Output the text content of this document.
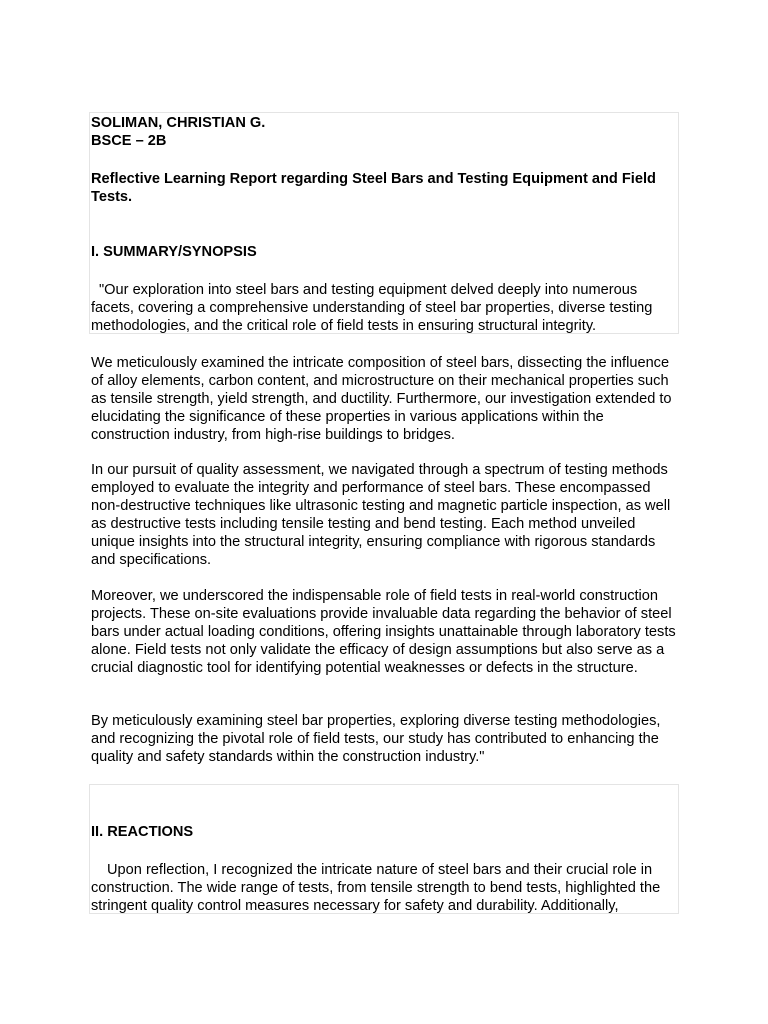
SOLIMAN, CHRISTIAN G.

BSCE – 2B

Reflective Learning Report regarding Steel Bars and Testing Equipment and Field Tests.

I. SUMMARY/SYNOPSIS

"Our exploration into steel bars and testing equipment delved deeply into numerous facets, covering a comprehensive understanding of steel bar properties, diverse testing methodologies, and the critical role of field tests in ensuring structural integrity.

We meticulously examined the intricate composition of steel bars, dissecting the influence of alloy elements, carbon content, and microstructure on their mechanical properties such as tensile strength, yield strength, and ductility. Furthermore, our investigation extended to elucidating the significance of these properties in various applications within the construction industry, from high-rise buildings to bridges.

In our pursuit of quality assessment, we navigated through a spectrum of testing methods employed to evaluate the integrity and performance of steel bars. These encompassed non-destructive techniques like ultrasonic testing and magnetic particle inspection, as well as destructive tests including tensile testing and bend testing. Each method unveiled unique insights into the structural integrity, ensuring compliance with rigorous standards and specifications.

Moreover, we underscored the indispensable role of field tests in real-world construction projects. These on-site evaluations provide invaluable data regarding the behavior of steel bars under actual loading conditions, offering insights unattainable through laboratory tests alone. Field tests not only validate the efficacy of design assumptions but also serve as a crucial diagnostic tool for identifying potential weaknesses or defects in the structure.

By meticulously examining steel bar properties, exploring diverse testing methodologies, and recognizing the pivotal role of field tests, our study has contributed to enhancing the quality and safety standards within the construction industry."

II. REACTIONS

Upon reflection, I recognized the intricate nature of steel bars and their crucial role in construction. The wide range of tests, from tensile strength to bend tests, highlighted the stringent quality control measures necessary for safety and durability. Additionally,
